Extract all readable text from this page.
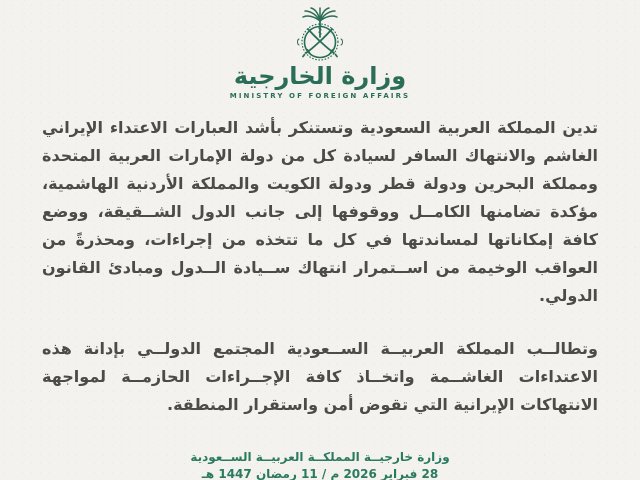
وزارة الخارجية
MINISTRY OF FOREIGN AFFAIRS
تدين المملكة العربية السعودية وتستنكر بأشد العبارات الاعتداء الإيراني
الغاشم والانتهاك السافر لسيادة كل من دولة الإمارات العربية المتحدة
ومملكة البحرين ودولة قطر ودولة الكويت والمملكة الأردنية الهاشمية،
مؤكدة تضامنها الكامــل ووقوفها إلى جانب الدول الشــقيقة، ووضع
كافة إمكاناتها لمساندتها في كل ما تتخذه من إجراءات، ومحذرةً من
العواقب الوخيمة من اســتمرار انتهاك ســيادة الــدول ومبادئ القانون
الدولي.
وتطالــب المملكة العربيــة الســعودية المجتمع الدولــي بإدانة هذه
الاعتداءات الغاشــمة واتخــاذ كافة الإجــراءات الحازمــة لمواجهة
الانتهاكات الإيرانية التي تقوض أمن واستقرار المنطقة.
وزارة خارجيــة المملكــة العربيــة الســعودية
28 فبراير 2026 م / 11 رمضان 1447 هـ
